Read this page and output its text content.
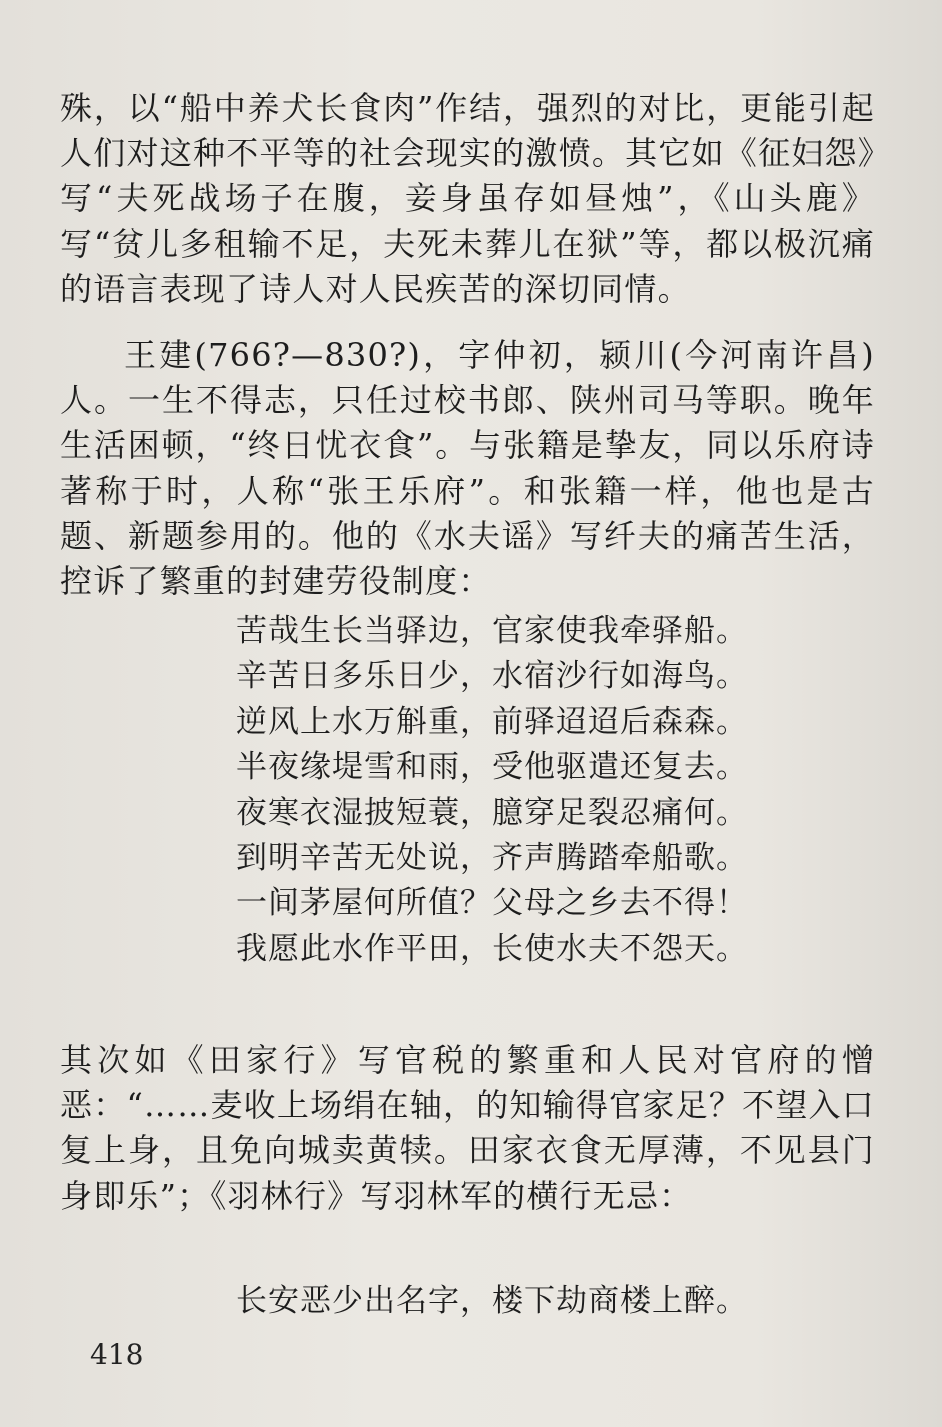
殊，以“船中养犬长食肉”作结，强烈的对比，更能引起人们对这种不平等的社会现实的激愤。其它如《征妇怨》写“夫死战场子在腹，妾身虽存如昼烛”，《山头鹿》写“贫儿多租输不足，夫死未葬儿在狱”等，都以极沉痛的语言表现了诗人对人民疾苦的深切同情。

王建(766?—830?)，字仲初，颍川(今河南许昌)人。一生不得志，只任过校书郎、陕州司马等职。晚年生活困顿，“终日忧衣食”。与张籍是挚友，同以乐府诗著称于时，人称“张王乐府”。和张籍一样，他也是古题、新题参用的。他的《水夫谣》写纤夫的痛苦生活，控诉了繁重的封建劳役制度：

苦哉生长当驿边，官家使我牵驿船。
辛苦日多乐日少，水宿沙行如海鸟。
逆风上水万斛重，前驿迢迢后森森。
半夜缘堤雪和雨，受他驱遣还复去。
夜寒衣湿披短蓑，臆穿足裂忍痛何。
到明辛苦无处说，齐声腾踏牵船歌。
一间茅屋何所值？父母之乡去不得！
我愿此水作平田，长使水夫不怨天。

其次如《田家行》写官税的繁重和人民对官府的憎恶：“……麦收上场绢在轴，的知输得官家足？不望入口复上身，且免向城卖黄犊。田家衣食无厚薄，不见县门身即乐”；《羽林行》写羽林军的横行无忌：

长安恶少出名字，楼下劫商楼上醉。
418
